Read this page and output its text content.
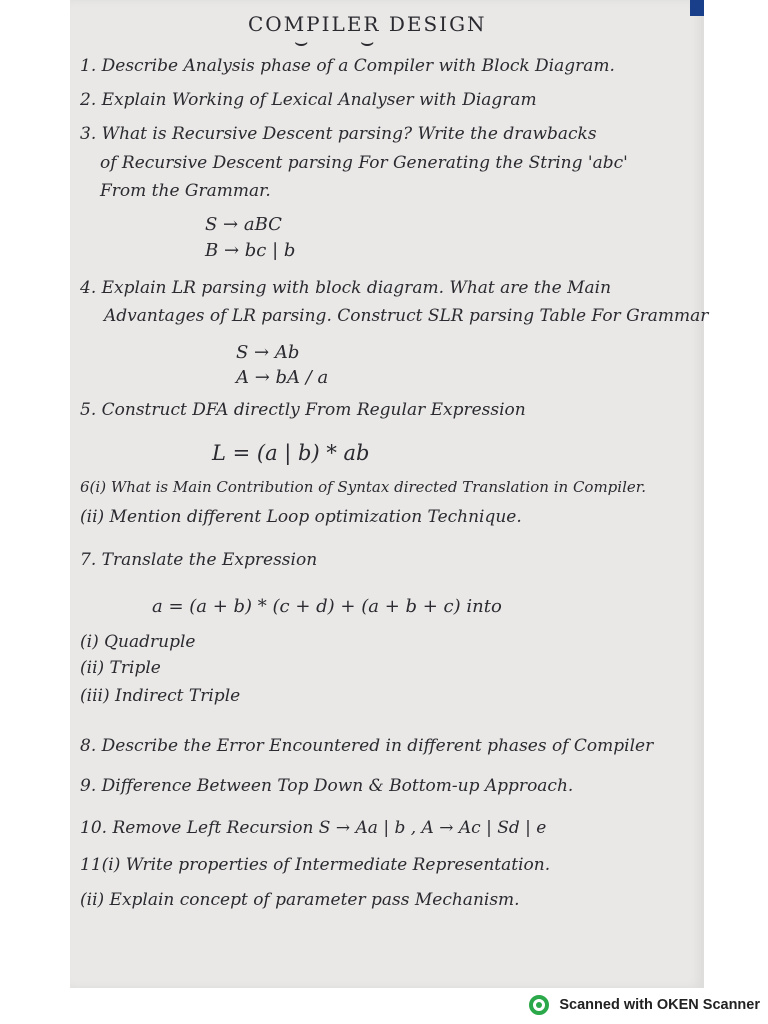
COMPILER DESIGN
⌣ ⌣
1. Describe Analysis phase of a Compiler with Block Diagram.
2. Explain Working of Lexical Analyser with Diagram
3. What is Recursive Descent parsing? Write the drawbacks
of Recursive Descent parsing For Generating the String 'abc'
From the Grammar.
S → aBC
B → bc | b
4. Explain LR parsing with block diagram. What are the Main
Advantages of LR parsing. Construct SLR parsing Table For Grammar
S → Ab
A → bA / a
5. Construct DFA directly From Regular Expression
L = (a | b) * ab
6(i) What is Main Contribution of Syntax directed Translation in Compiler.
(ii) Mention different Loop optimization Technique.
7. Translate the Expression
a = (a + b) * (c + d) + (a + b + c) into
(i) Quadruple
(ii) Triple
(iii) Indirect Triple
8. Describe the Error Encountered in different phases of Compiler
9. Difference Between Top Down & Bottom-up Approach.
10. Remove Left Recursion S → Aa | b , A → Ac | Sd | e
11(i) Write properties of Intermediate Representation.
(ii) Explain concept of parameter pass Mechanism.
Scanned with OKEN Scanner
